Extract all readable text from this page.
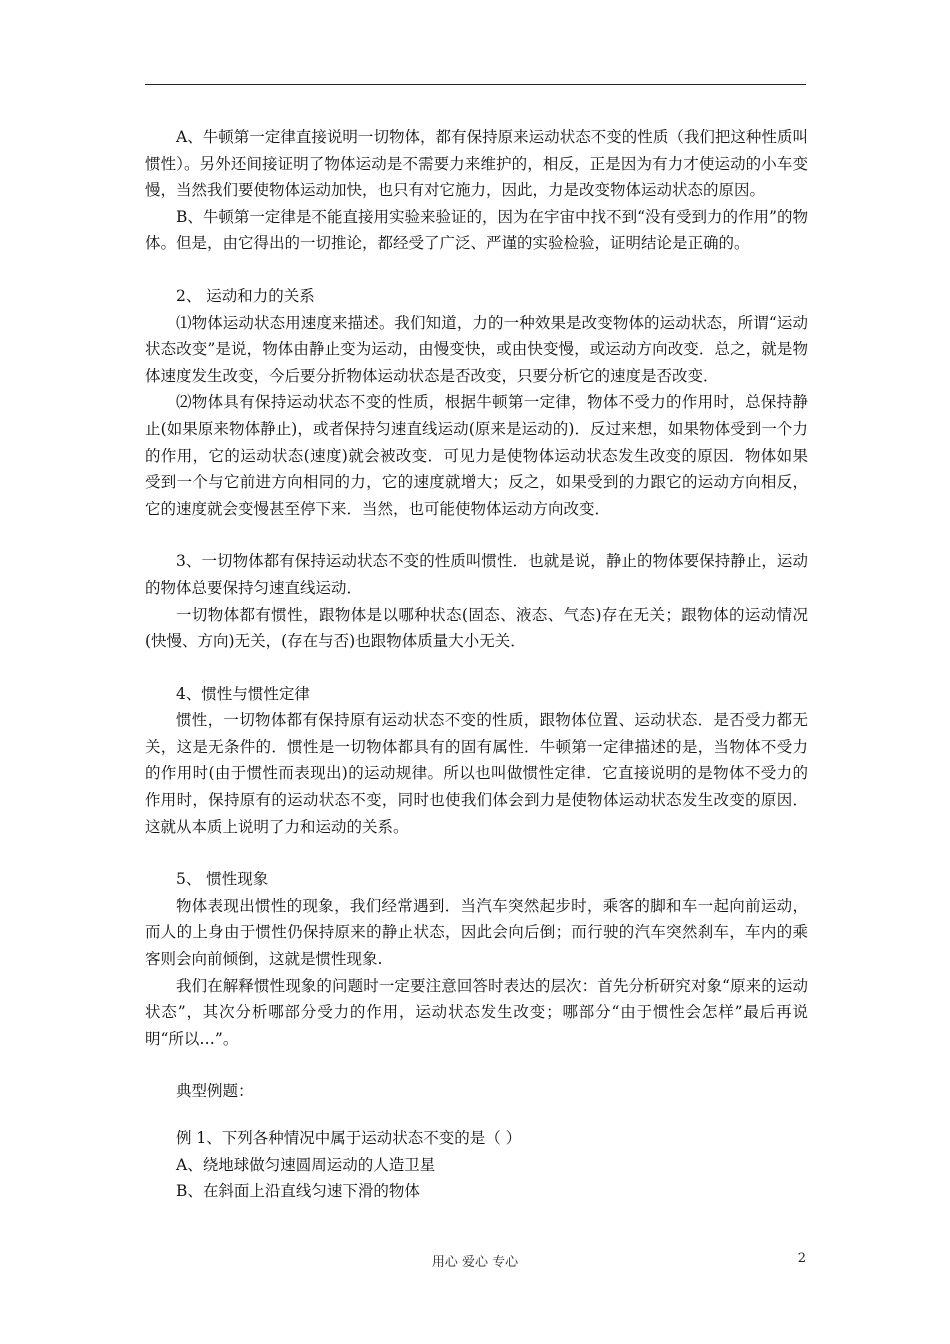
A、牛顿第一定律直接说明一切物体，都有保持原来运动状态不变的性质（我们把这种性质叫惯性）。另外还间接证明了物体运动是不需要力来维护的，相反，正是因为有力才使运动的小车变慢，当然我们要使物体运动加快，也只有对它施力，因此，力是改变物体运动状态的原因。

B、牛顿第一定律是不能直接用实验来验证的，因为在宇宙中找不到“没有受到力的作用”的物体。但是，由它得出的一切推论，都经受了广泛、严谨的实验检验，证明结论是正确的。

2、 运动和力的关系

⑴物体运动状态用速度来描述。我们知道，力的一种效果是改变物体的运动状态，所谓“运动状态改变”是说，物体由静止变为运动，由慢变快，或由快变慢，或运动方向改变．总之，就是物体速度发生改变，今后要分折物体运动状态是否改变，只要分析它的速度是否改变．

⑵物体具有保持运动状态不变的性质，根据牛顿第一定律，物体不受力的作用时，总保持静止(如果原来物体静止)，或者保持匀速直线运动(原来是运动的)．反过来想，如果物体受到一个力的作用，它的运动状态(速度)就会被改变．可见力是使物体运动状态发生改变的原因．物体如果受到一个与它前进方向相同的力，它的速度就增大；反之，如果受到的力跟它的运动方向相反，它的速度就会变慢甚至停下来．当然，也可能使物体运动方向改变．

3、一切物体都有保持运动状态不变的性质叫惯性．也就是说，静止的物体要保持静止，运动的物体总要保持匀速直线运动．

一切物体都有惯性，跟物体是以哪种状态(固态、液态、气态)存在无关；跟物体的运动情况(快慢、方向)无关，(存在与否)也跟物体质量大小无关．

4、惯性与惯性定律

惯性，一切物体都有保持原有运动状态不变的性质，跟物体位置、运动状态．是否受力都无关，这是无条件的．惯性是一切物体都具有的固有属性．牛顿第一定律描述的是，当物体不受力的作用时(由于惯性而表现出)的运动规律。所以也叫做惯性定律．它直接说明的是物体不受力的作用时，保持原有的运动状态不变，同时也使我们体会到力是使物体运动状态发生改变的原因．这就从本质上说明了力和运动的关系。

5、 惯性现象

物体表现出惯性的现象，我们经常遇到．当汽车突然起步时，乘客的脚和车一起向前运动，而人的上身由于惯性仍保持原来的静止状态，因此会向后倒；而行驶的汽车突然刹车，车内的乘客则会向前倾倒，这就是惯性现象.

我们在解释惯性现象的问题时一定要注意回答时表达的层次：首先分析研究对象“原来的运动状态”，其次分析哪部分受力的作用，运动状态发生改变；哪部分“由于惯性会怎样”最后再说明“所以…”。

典型例题：

例 1、下列各种情况中属于运动状态不变的是（ ）

A、绕地球做匀速圆周运动的人造卫星

B、在斜面上沿直线匀速下滑的物体

用心 爱心 专心	2
